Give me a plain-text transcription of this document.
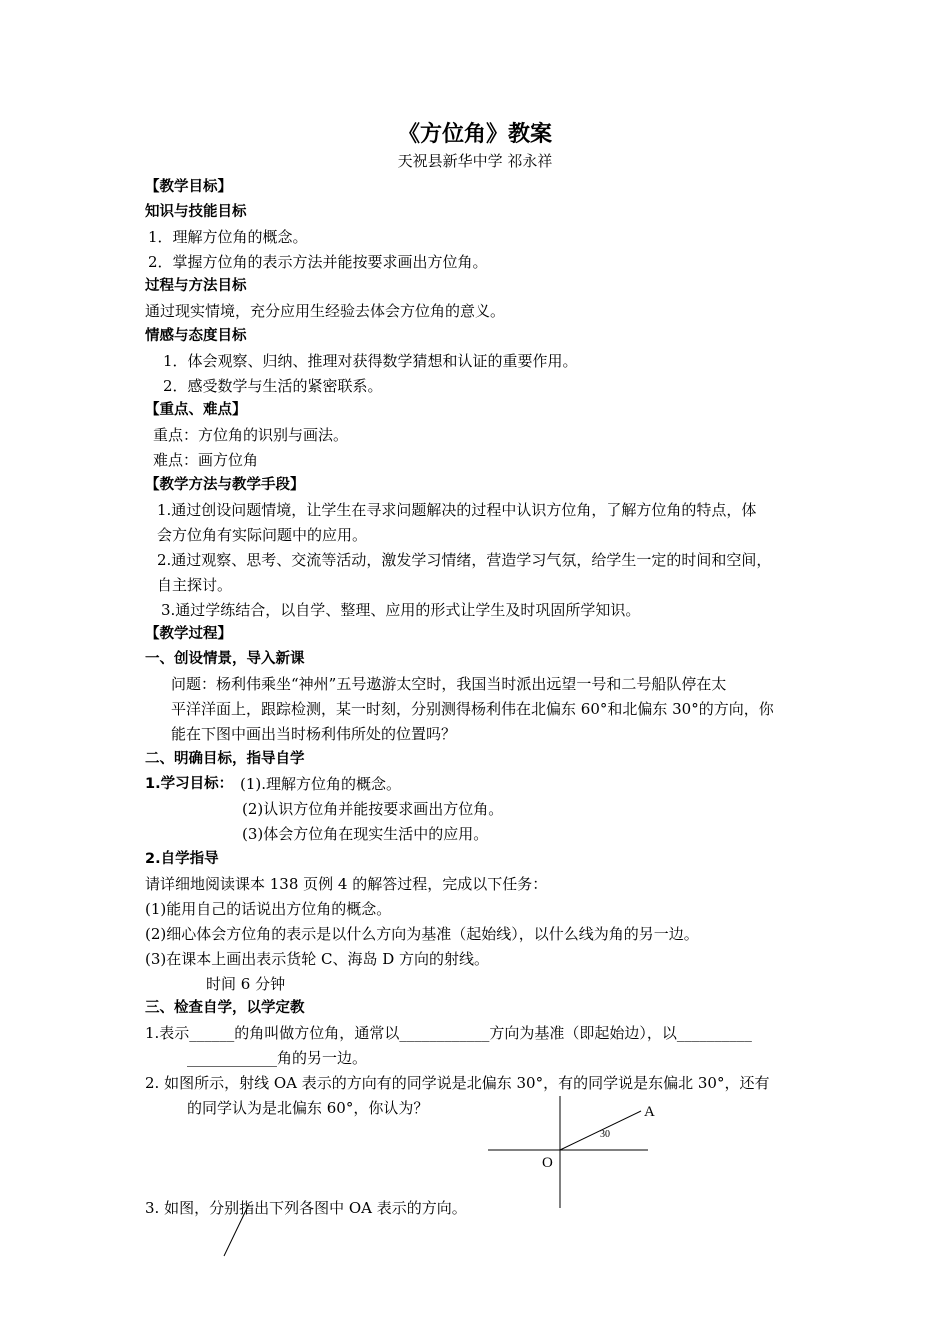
《方位角》教案
天祝县新华中学 祁永祥
【教学目标】
知识与技能目标
1．理解方位角的概念。
2．掌握方位角的表示方法并能按要求画出方位角。
过程与方法目标
通过现实情境，充分应用生经验去体会方位角的意义。
情感与态度目标
1．体会观察、归纳、推理对获得数学猜想和认证的重要作用。
2．感受数学与生活的紧密联系。
【重点、难点】
重点：方位角的识别与画法。
难点：画方位角
【教学方法与教学手段】
1.通过创设问题情境，让学生在寻求问题解决的过程中认识方位角，了解方位角的特点，体
会方位角有实际问题中的应用。
2.通过观察、思考、交流等活动，激发学习情绪，营造学习气氛，给学生一定的时间和空间，
自主探讨。
3.通过学练结合，以自学、整理、应用的形式让学生及时巩固所学知识。
【教学过程】
一、创设情景，导入新课
问题：杨利伟乘坐“神州”五号遨游太空时，我国当时派出远望一号和二号船队停在太
平洋洋面上，跟踪检测，某一时刻，分别测得杨利伟在北偏东 60°和北偏东 30°的方向，你
能在下图中画出当时杨利伟所处的位置吗？
二、明确目标，指导自学
1.学习目标： (1).理解方位角的概念。
(2)认识方位角并能按要求画出方位角。
(3)体会方位角在现实生活中的应用。
2.自学指导
请详细地阅读课本 138 页例 4 的解答过程，完成以下任务：
(1)能用自己的话说出方位角的概念。
(2)细心体会方位角的表示是以什么方向为基准（起始线），以什么线为角的另一边。
(3)在课本上画出表示货轮 C、海岛 D 方向的射线。
时间 6 分钟
三、检查自学，以学定教
1.表示______的角叫做方位角，通常以____________方向为基准（即起始边），以__________
____________角的另一边。
2. 如图所示，射线 OA 表示的方向有的同学说是北偏东 30°，有的同学说是东偏北 30°，还有
的同学认为是北偏东 60°，你认为？	A
O
30
3. 如图，分别指出下列各图中 OA 表示的方向。
